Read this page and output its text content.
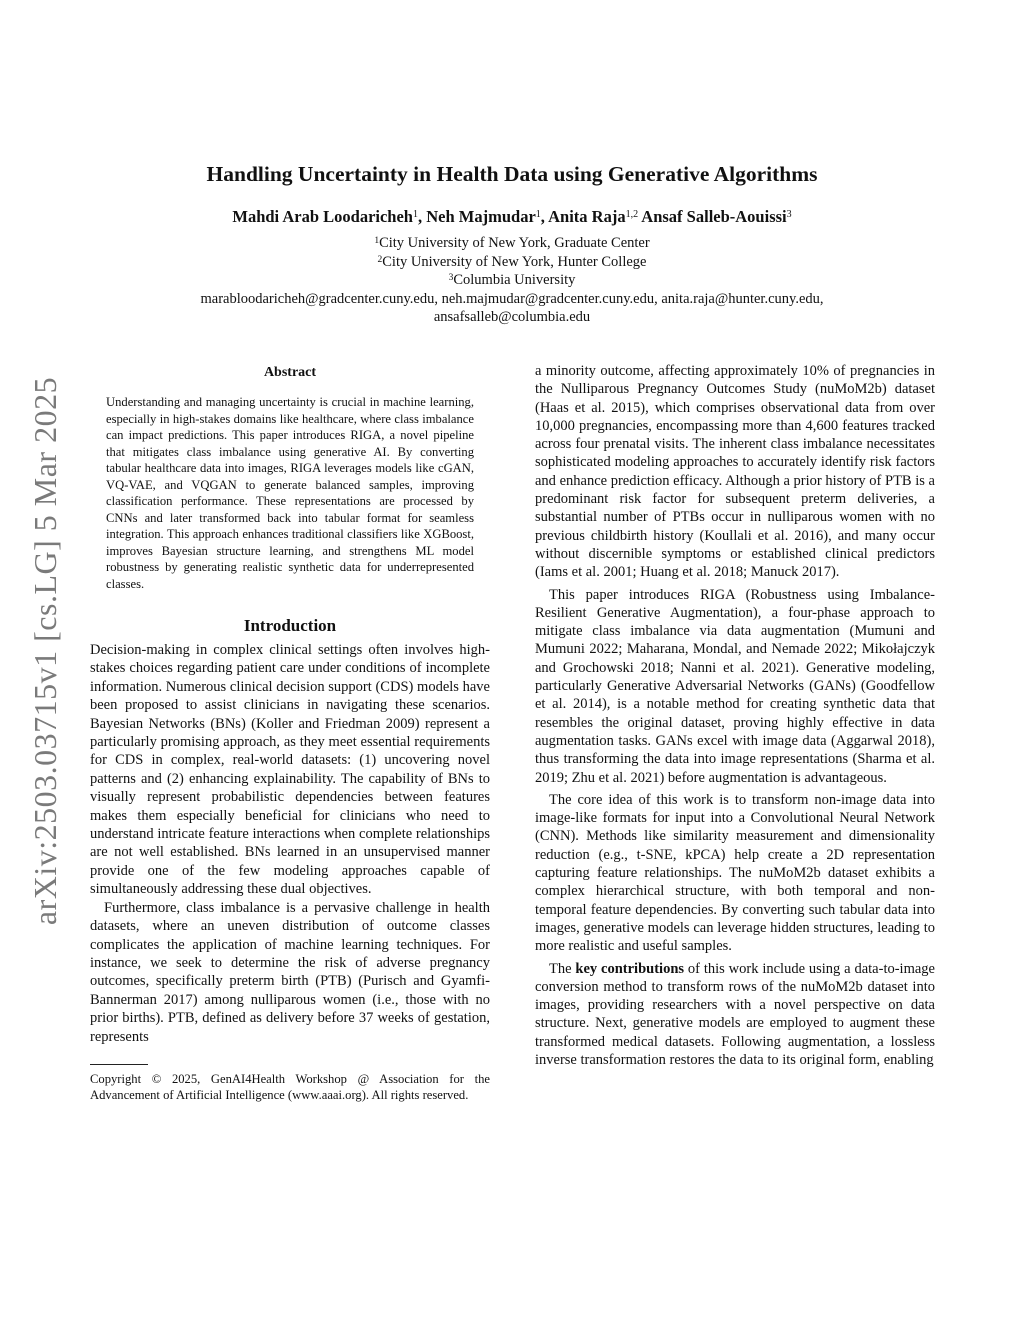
Handling Uncertainty in Health Data using Generative Algorithms
Mahdi Arab Loodaricheh$^1$, Neh Majmudar$^1$, Anita Raja$^{1,2}$ Ansaf Salleb-Aouissi$^3$
$^1$City University of New York, Graduate Center
$^2$City University of New York, Hunter College
$^3$Columbia University
marabloodaricheh@gradcenter.cuny.edu, neh.majmudar@gradcenter.cuny.edu, anita.raja@hunter.cuny.edu,
ansafsalleb@columbia.edu
arXiv:2503.03715v1 [cs.LG] 5 Mar 2025
Abstract

Understanding and managing uncertainty is crucial in machine learning, especially in high-stakes domains like healthcare, where class imbalance can impact predictions. This paper introduces RIGA, a novel pipeline that mitigates class imbalance using generative AI. By converting tabular healthcare data into images, RIGA leverages models like cGAN, VQ-VAE, and VQGAN to generate balanced samples, improving classification performance. These representations are processed by CNNs and later transformed back into tabular format for seamless integration. This approach enhances traditional classifiers like XGBoost, improves Bayesian structure learning, and strengthens ML model robustness by generating realistic synthetic data for underrepresented classes.

Introduction

Decision-making in complex clinical settings often involves high-stakes choices regarding patient care under conditions of incomplete information. Numerous clinical decision support (CDS) models have been proposed to assist clinicians in navigating these scenarios. Bayesian Networks (BNs) (Koller and Friedman 2009) represent a particularly promising approach, as they meet essential requirements for CDS in complex, real-world datasets: (1) uncovering novel patterns and (2) enhancing explainability. The capability of BNs to visually represent probabilistic dependencies between features makes them especially beneficial for clinicians who need to understand intricate feature interactions when complete relationships are not well established. BNs learned in an unsupervised manner provide one of the few modeling approaches capable of simultaneously addressing these dual objectives.

Furthermore, class imbalance is a pervasive challenge in health datasets, where an uneven distribution of outcome classes complicates the application of machine learning techniques. For instance, we seek to determine the risk of adverse pregnancy outcomes, specifically preterm birth (PTB) (Purisch and Gyamfi-Bannerman 2017) among nulliparous women (i.e., those with no prior births). PTB, defined as delivery before 37 weeks of gestation, represents

Copyright © 2025, GenAI4Health Workshop @ Association for the Advancement of Artificial Intelligence (www.aaai.org). All rights reserved.

a minority outcome, affecting approximately 10% of pregnancies in the Nulliparous Pregnancy Outcomes Study (nuMoM2b) dataset (Haas et al. 2015), which comprises observational data from over 10,000 pregnancies, encompassing more than 4,600 features tracked across four prenatal visits. The inherent class imbalance necessitates sophisticated modeling approaches to accurately identify risk factors and enhance prediction efficacy. Although a prior history of PTB is a predominant risk factor for subsequent preterm deliveries, a substantial number of PTBs occur in nulliparous women with no previous childbirth history (Koullali et al. 2016), and many occur without discernible symptoms or established clinical predictors (Iams et al. 2001; Huang et al. 2018; Manuck 2017).

This paper introduces RIGA (Robustness using Imbalance-Resilient Generative Augmentation), a four-phase approach to mitigate class imbalance via data augmentation (Mumuni and Mumuni 2022; Maharana, Mondal, and Nemade 2022; Mikołajczyk and Grochowski 2018; Nanni et al. 2021). Generative modeling, particularly Generative Adversarial Networks (GANs) (Goodfellow et al. 2014), is a notable method for creating synthetic data that resembles the original dataset, proving highly effective in data augmentation tasks. GANs excel with image data (Aggarwal 2018), thus transforming the data into image representations (Sharma et al. 2019; Zhu et al. 2021) before augmentation is advantageous.

The core idea of this work is to transform non-image data into image-like formats for input into a Convolutional Neural Network (CNN). Methods like similarity measurement and dimensionality reduction (e.g., t-SNE, kPCA) help create a 2D representation capturing feature relationships. The nuMoM2b dataset exhibits a complex hierarchical structure, with both temporal and non-temporal feature dependencies. By converting such tabular data into images, generative models can leverage hidden structures, leading to more realistic and useful samples.

The key contributions of this work include using a data-to-image conversion method to transform rows of the nuMoM2b dataset into images, providing researchers with a novel perspective on data structure. Next, generative models are employed to augment these transformed medical datasets. Following augmentation, a lossless inverse transformation restores the data to its original form, enabling
